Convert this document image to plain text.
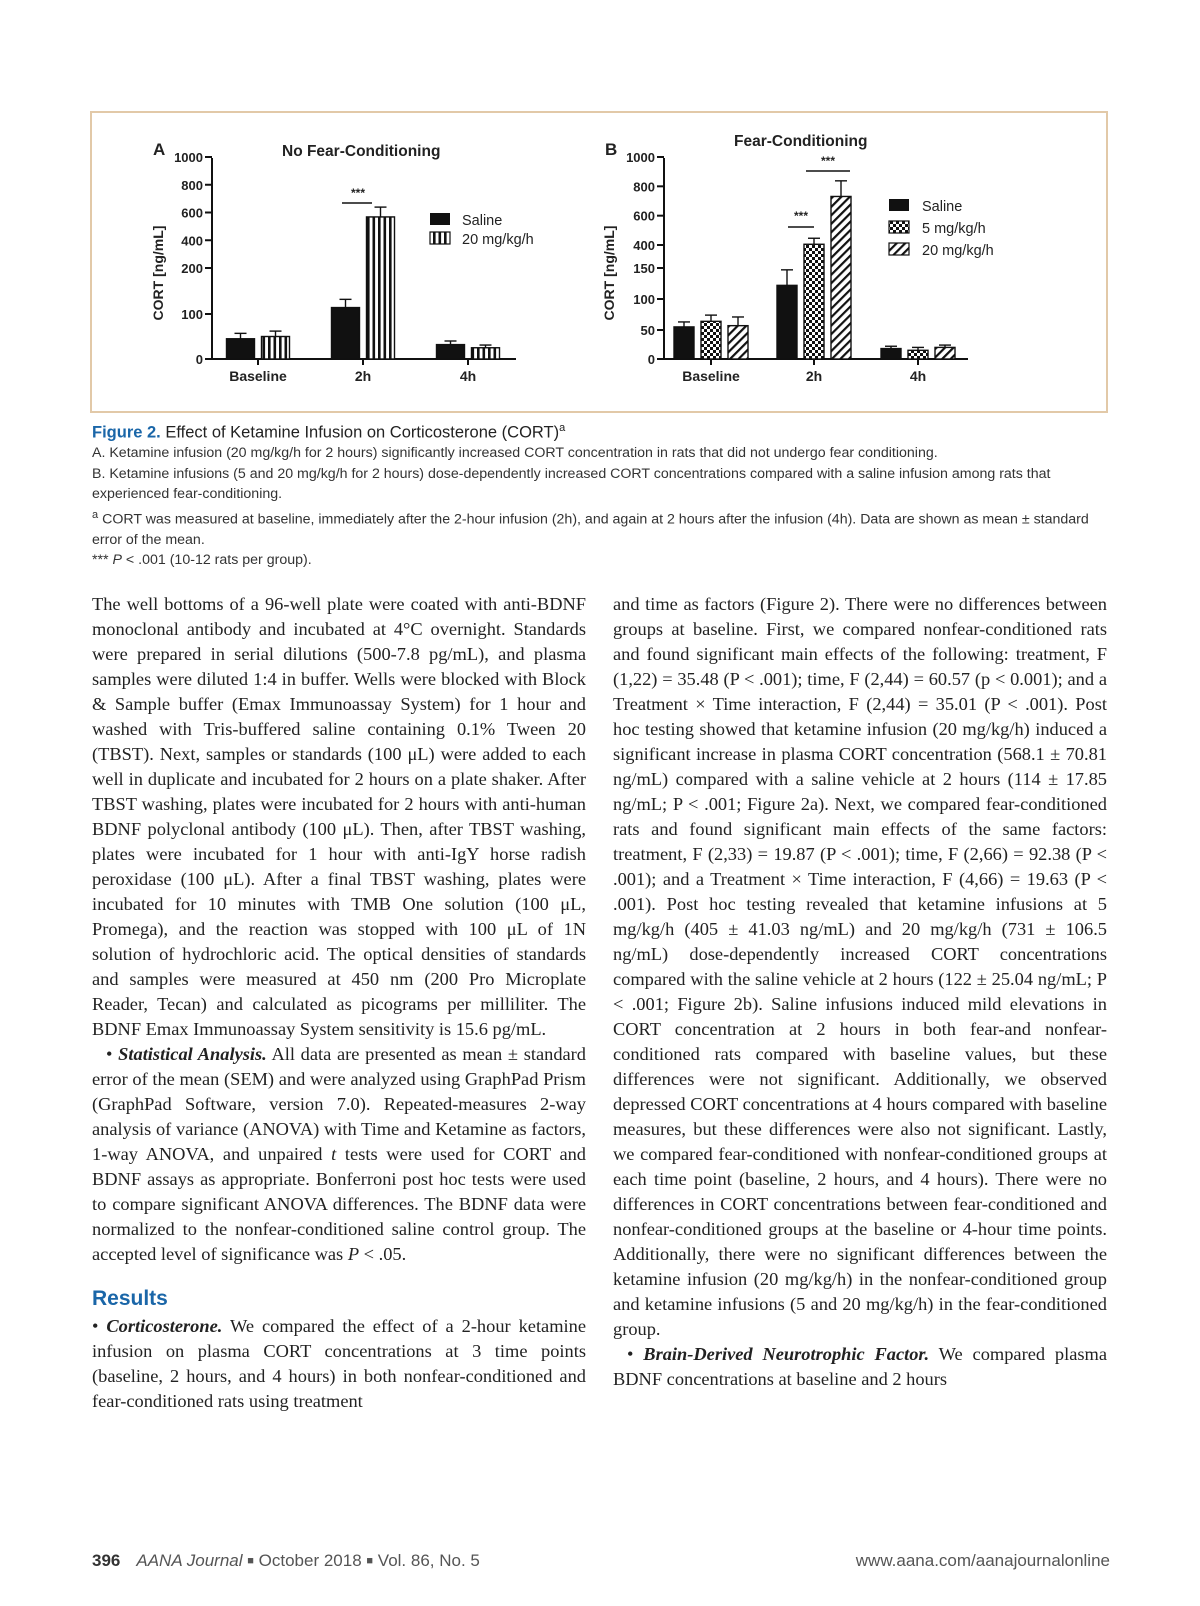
A	No Fear-Conditioning
CORT [ng/mL]
0
100
200
400
600
800
1000
***
Saline
20 mg/kg/h
Baseline	2h	4h
B	Fear-Conditioning
CORT [ng/mL]
0
50
100
150
400
600
800
1000	***
***
Saline
5 mg/kg/h
20 mg/kg/h
Baseline	2h	4h

Figure 2. Effect of Ketamine Infusion on Corticosterone (CORT)$^a$

A. Ketamine infusion (20 mg/kg/h for 2 hours) significantly increased CORT concentration in rats that did not undergo fear conditioning.

B. Ketamine infusions (5 and 20 mg/kg/h for 2 hours) dose-dependently increased CORT concentrations compared with a saline infusion among rats that experienced fear-conditioning.

$^a$ CORT was measured at baseline, immediately after the 2-hour infusion (2h), and again at 2 hours after the infusion (4h). Data are shown as mean ± standard error of the mean.

*** P < .001 (10-12 rats per group).

The well bottoms of a 96-well plate were coated with anti-BDNF monoclonal antibody and incubated at 4°C overnight. Standards were prepared in serial dilutions (500-7.8 pg/mL), and plasma samples were diluted 1:4 in buffer. Wells were blocked with Block & Sample buffer (Emax Immunoassay System) for 1 hour and washed with Tris-buffered saline containing 0.1% Tween 20 (TBST). Next, samples or standards (100 μL) were added to each well in duplicate and incubated for 2 hours on a plate shaker. After TBST washing, plates were incubated for 2 hours with anti-human BDNF polyclonal antibody (100 μL). Then, after TBST washing, plates were incubated for 1 hour with anti-IgY horse radish peroxidase (100 μL). After a final TBST washing, plates were incubated for 10 minutes with TMB One solution (100 μL, Promega), and the reaction was stopped with 100 μL of 1N solution of hydrochloric acid. The optical densities of standards and samples were measured at 450 nm (200 Pro Microplate Reader, Tecan) and calculated as picograms per milliliter. The BDNF Emax Immunoassay System sensitivity is 15.6 pg/mL.

• Statistical Analysis. All data are presented as mean ± standard error of the mean (SEM) and were analyzed using GraphPad Prism (GraphPad Software, version 7.0). Repeated-measures 2-way analysis of variance (ANOVA) with Time and Ketamine as factors, 1-way ANOVA, and unpaired t tests were used for CORT and BDNF assays as appropriate. Bonferroni post hoc tests were used to compare significant ANOVA differences. The BDNF data were normalized to the nonfear-conditioned saline control group. The accepted level of significance was P < .05.

Results

• Corticosterone. We compared the effect of a 2-hour ketamine infusion on plasma CORT concentrations at 3 time points (baseline, 2 hours, and 4 hours) in both nonfear-conditioned and fear-conditioned rats using treatment

and time as factors (Figure 2). There were no differences between groups at baseline. First, we compared nonfear-conditioned rats and found significant main effects of the following: treatment, F (1,22) = 35.48 (P < .001); time, F (2,44) = 60.57 (p < 0.001); and a Treatment × Time interaction, F (2,44) = 35.01 (P < .001). Post hoc testing showed that ketamine infusion (20 mg/kg/h) induced a significant increase in plasma CORT concentration (568.1 ± 70.81 ng/mL) compared with a saline vehicle at 2 hours (114 ± 17.85 ng/mL; P < .001; Figure 2a). Next, we compared fear-conditioned rats and found significant main effects of the same factors: treatment, F (2,33) = 19.87 (P < .001); time, F (2,66) = 92.38 (P < .001); and a Treatment × Time interaction, F (4,66) = 19.63 (P < .001). Post hoc testing revealed that ketamine infusions at 5 mg/kg/h (405 ± 41.03 ng/mL) and 20 mg/kg/h (731 ± 106.5 ng/mL) dose-dependently increased CORT concentrations compared with the saline vehicle at 2 hours (122 ± 25.04 ng/mL; P < .001; Figure 2b). Saline infusions induced mild elevations in CORT concentration at 2 hours in both fear-and nonfear-conditioned rats compared with baseline values, but these differences were not significant. Additionally, we observed depressed CORT concentrations at 4 hours compared with baseline measures, but these differences were also not significant. Lastly, we compared fear-conditioned with nonfear-conditioned groups at each time point (baseline, 2 hours, and 4 hours). There were no differences in CORT concentrations between fear-conditioned and nonfear-conditioned groups at the baseline or 4-hour time points. Additionally, there were no significant differences between the ketamine infusion (20 mg/kg/h) in the nonfear-conditioned group and ketamine infusions (5 and 20 mg/kg/h) in the fear-conditioned group.

• Brain-Derived Neurotrophic Factor. We compared plasma BDNF concentrations at baseline and 2 hours

396 AANA Journal ■ October 2018 ■ Vol. 86, No. 5	www.aana.com/aanajournalonline
